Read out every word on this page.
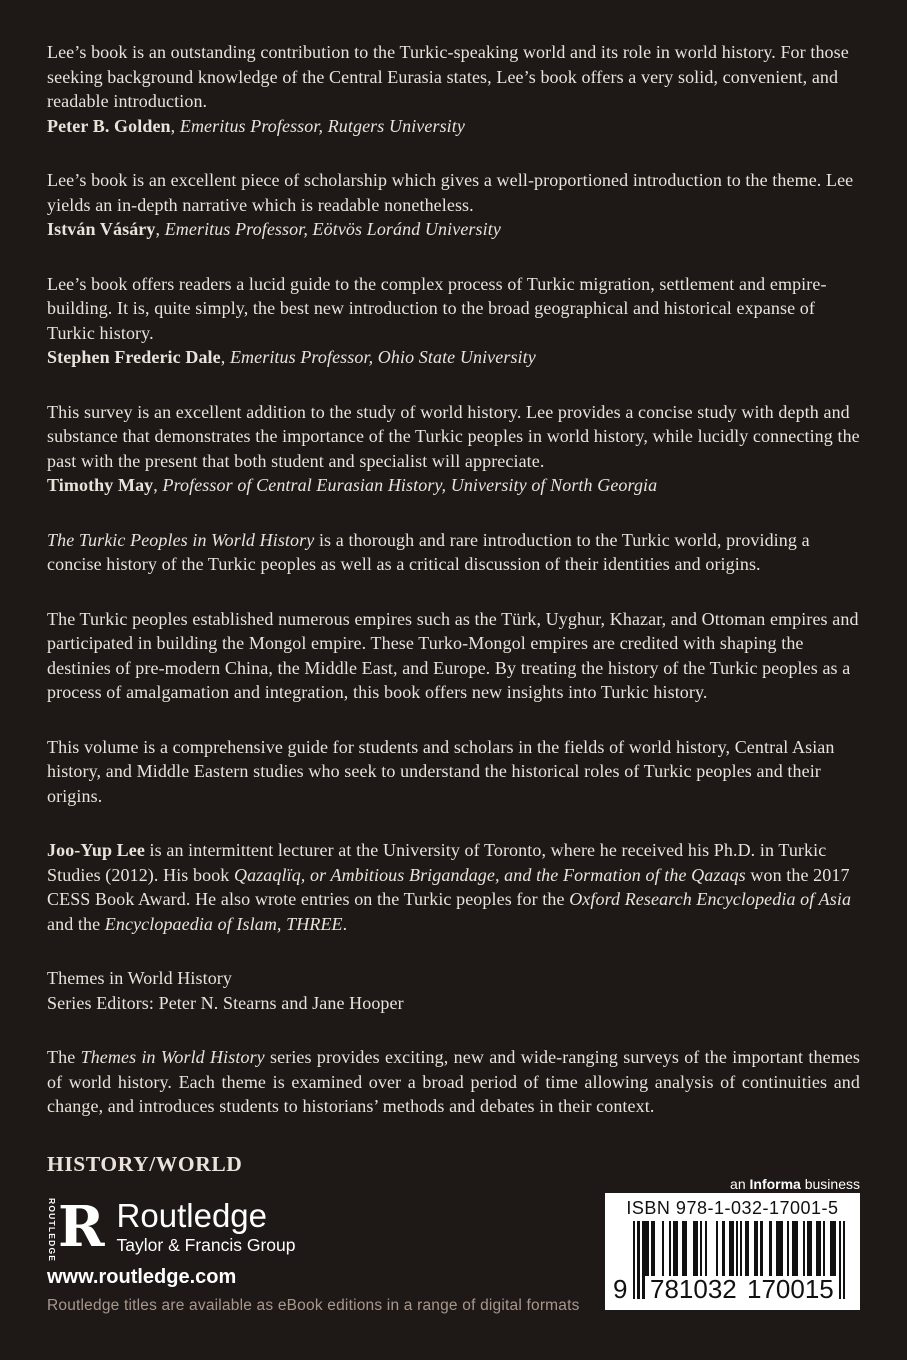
Lee’s book is an outstanding contribution to the Turkic-speaking world and its role in world history. For those seeking background knowledge of the Central Eurasia states, Lee’s book offers a very solid, convenient, and readable introduction.

Peter B. Golden, Emeritus Professor, Rutgers University

Lee’s book is an excellent piece of scholarship which gives a well-proportioned introduction to the theme. Lee yields an in-depth narrative which is readable nonetheless.

István Vásáry, Emeritus Professor, Eötvös Loránd University

Lee’s book offers readers a lucid guide to the complex process of Turkic migration, settlement and empire-building. It is, quite simply, the best new introduction to the broad geographical and historical expanse of Turkic history.

Stephen Frederic Dale, Emeritus Professor, Ohio State University

This survey is an excellent addition to the study of world history. Lee provides a concise study with depth and substance that demonstrates the importance of the Turkic peoples in world history, while lucidly connecting the past with the present that both student and specialist will appreciate.

Timothy May, Professor of Central Eurasian History, University of North Georgia

The Turkic Peoples in World History is a thorough and rare introduction to the Turkic world, providing a concise history of the Turkic peoples as well as a critical discussion of their identities and origins.

The Turkic peoples established numerous empires such as the Türk, Uyghur, Khazar, and Ottoman empires and participated in building the Mongol empire. These Turko-Mongol empires are credited with shaping the destinies of pre-modern China, the Middle East, and Europe. By treating the history of the Turkic peoples as a process of amalgamation and integration, this book offers new insights into Turkic history.

This volume is a comprehensive guide for students and scholars in the fields of world history, Central Asian history, and Middle Eastern studies who seek to understand the historical roles of Turkic peoples and their origins.

Joo-Yup Lee is an intermittent lecturer at the University of Toronto, where he received his Ph.D. in Turkic Studies (2012). His book Qazaqlïq, or Ambitious Brigandage, and the Formation of the Qazaqs won the 2017 CESS Book Award. He also wrote entries on the Turkic peoples for the Oxford Research Encyclopedia of Asia and the Encyclopaedia of Islam, THREE.

Themes in World History

Series Editors: Peter N. Stearns and Jane Hooper

The Themes in World History series provides exciting, new and wide-ranging surveys of the important themes of world history. Each theme is examined over a broad period of time allowing analysis of continuities and change, and introduces students to historians’ methods and debates in their context.

HISTORY/WORLD
ROUTLEDGE R Routledge
Taylor & Francis Group
www.routledge.com
Routledge titles are available as eBook editions in a range of digital formats
an Informa business
ISBN 978-1-032-17001-5
9 781032 170015
